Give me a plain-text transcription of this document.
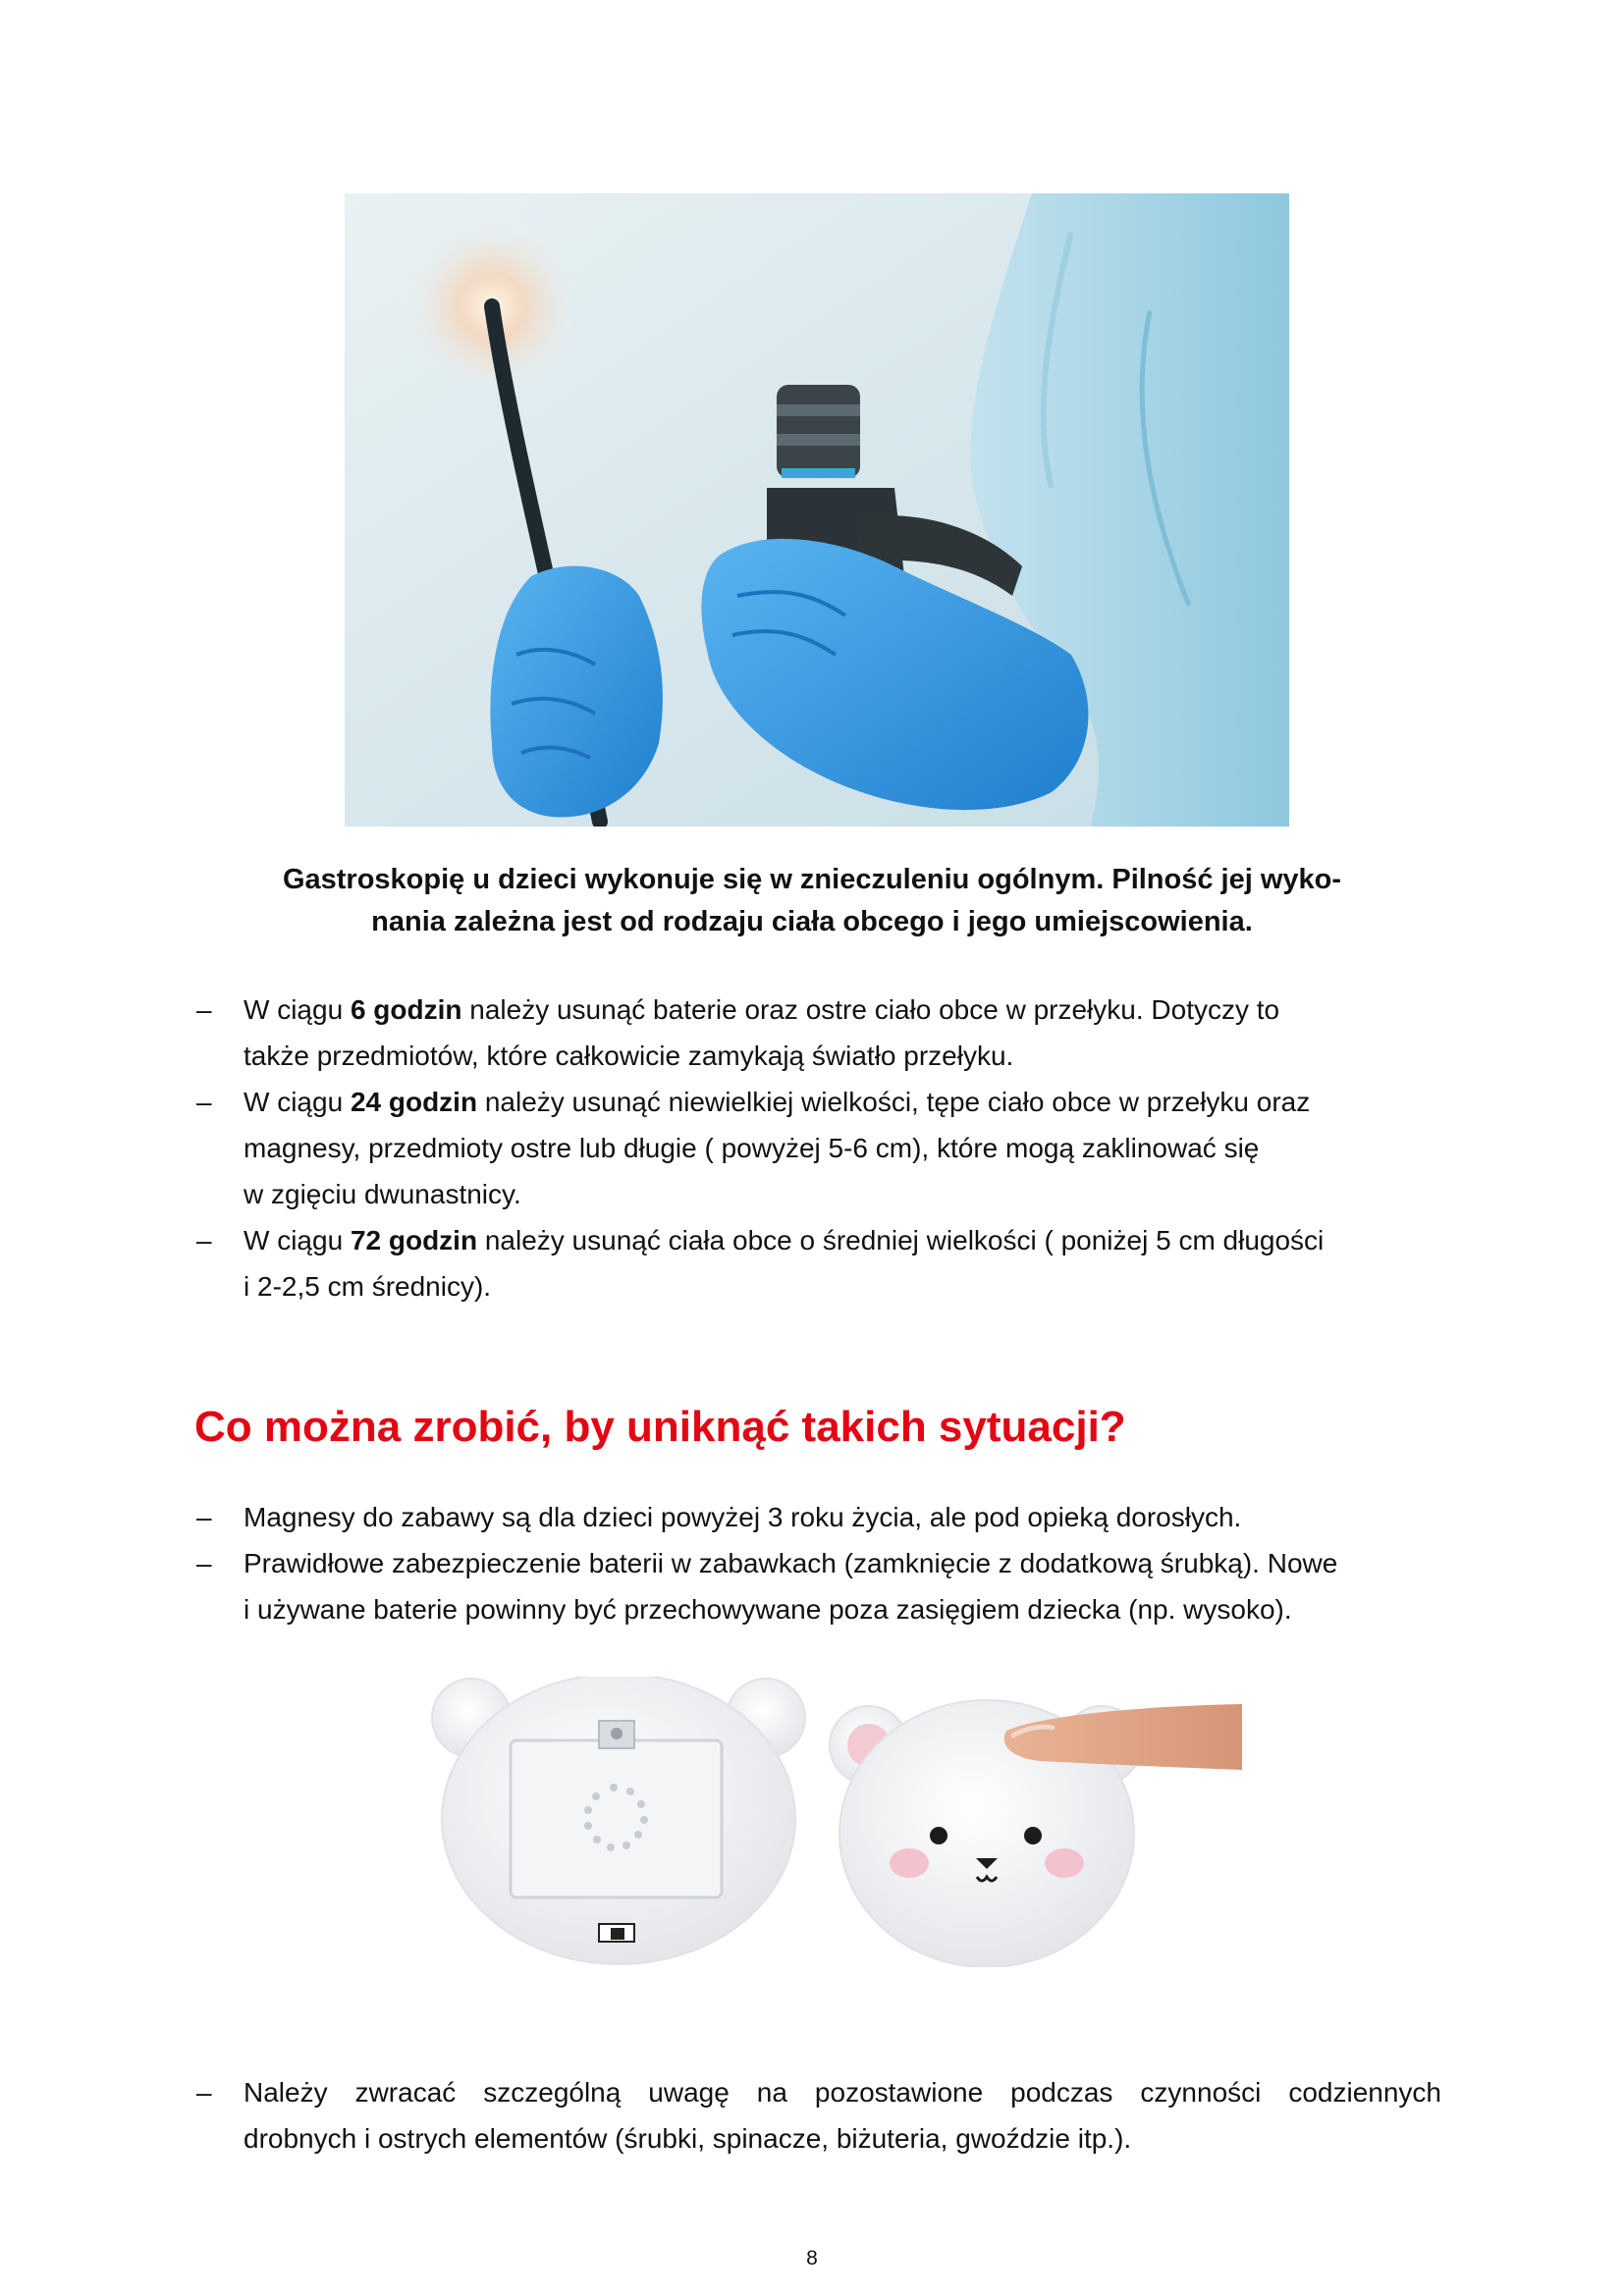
Gastroskopię u dzieci wykonuje się w znieczuleniu ogólnym. Pilność jej wyko-
nania zależna jest od rodzaju ciała obcego i jego umiejscowienia.
– W ciągu 6 godzin należy usunąć baterie oraz ostre ciało obce w przełyku. Dotyczy to
także przedmiotów, które całkowicie zamykają światło przełyku.
– W ciągu 24 godzin należy usunąć niewielkiej wielkości, tępe ciało obce w przełyku oraz
magnesy, przedmioty ostre lub długie ( powyżej 5-6 cm), które mogą zaklinować się
w zgięciu dwunastnicy.
– W ciągu 72 godzin należy usunąć ciała obce o średniej wielkości ( poniżej 5 cm długości
i 2-2,5 cm średnicy).
Co można zrobić, by uniknąć takich sytuacji?
– Magnesy do zabawy są dla dzieci powyżej 3 roku życia, ale pod opieką dorosłych.
– Prawidłowe zabezpieczenie baterii w zabawkach (zamknięcie z dodatkową śrubką). Nowe
i używane baterie powinny być przechowywane poza zasięgiem dziecka (np. wysoko).
– Należy zwracać szczególną uwagę na pozostawione podczas czynności codziennych
drobnych i ostrych elementów (śrubki, spinacze, biżuteria, gwoździe itp.).
8
